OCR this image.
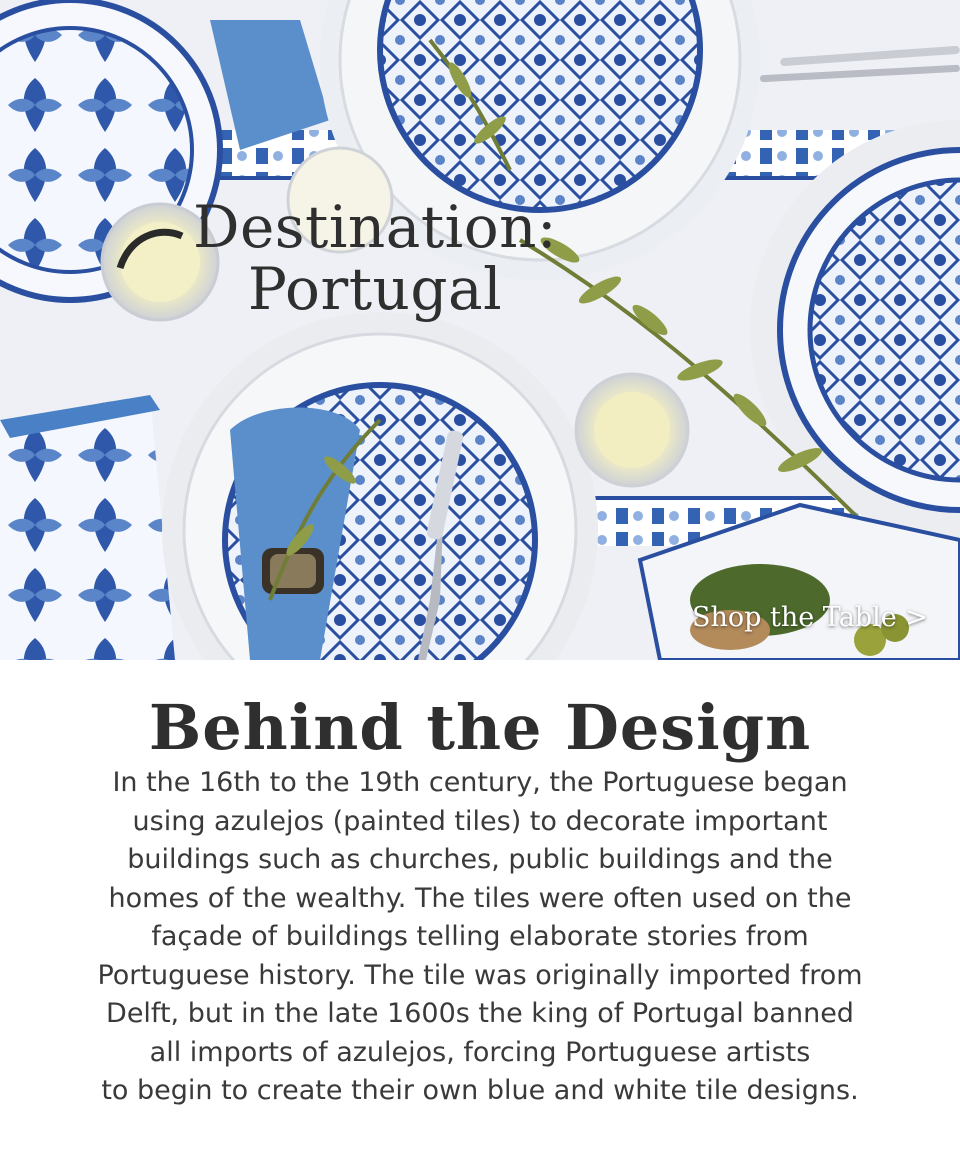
Destination:
Portugal
Shop the Table >
Behind the Design
In the 16th to the 19th century, the Portuguese began
using azulejos (painted tiles) to decorate important
buildings such as churches, public buildings and the
homes of the wealthy. The tiles were often used on the
façade of buildings telling elaborate stories from
Portuguese history. The tile was originally imported from
Delft, but in the late 1600s the king of Portugal banned
all imports of azulejos, forcing Portuguese artists
to begin to create their own blue and white tile designs.
